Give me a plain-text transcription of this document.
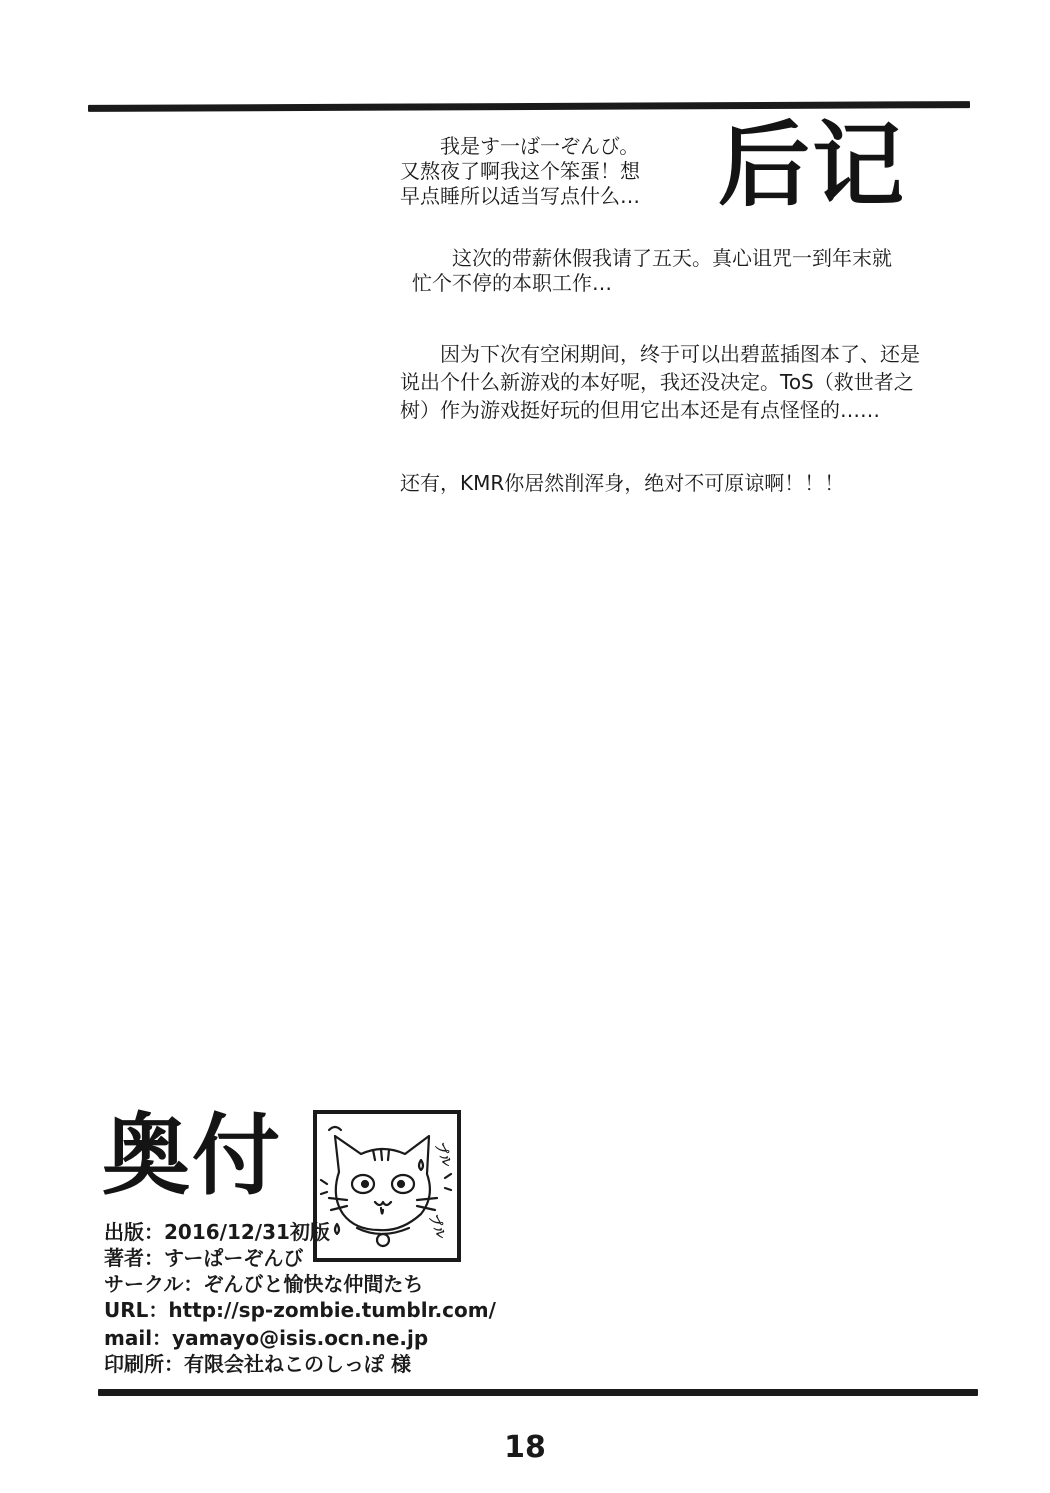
后记
我是す一ば一ぞんび。
又熬夜了啊我这个笨蛋！想
早点睡所以适当写点什么…
这次的带薪休假我请了五天。真心诅咒一到年末就
忙个不停的本职工作…
因为下次有空闲期间，终于可以出碧蓝插图本了、还是
说出个什么新游戏的本好呢，我还没决定。ToS（救世者之
树）作为游戏挺好玩的但用它出本还是有点怪怪的……
还有，KMR你居然削浑身，绝对不可原谅啊！！！
奥付	プル
プル
出版：2016/12/31初版
著者：すーぱーぞんび
サークル：ぞんびと愉快な仲間たち
URL：http://sp-zombie.tumblr.com/
mail：yamayo@isis.ocn.ne.jp
印刷所：有限会社ねこのしっぽ 様
18
